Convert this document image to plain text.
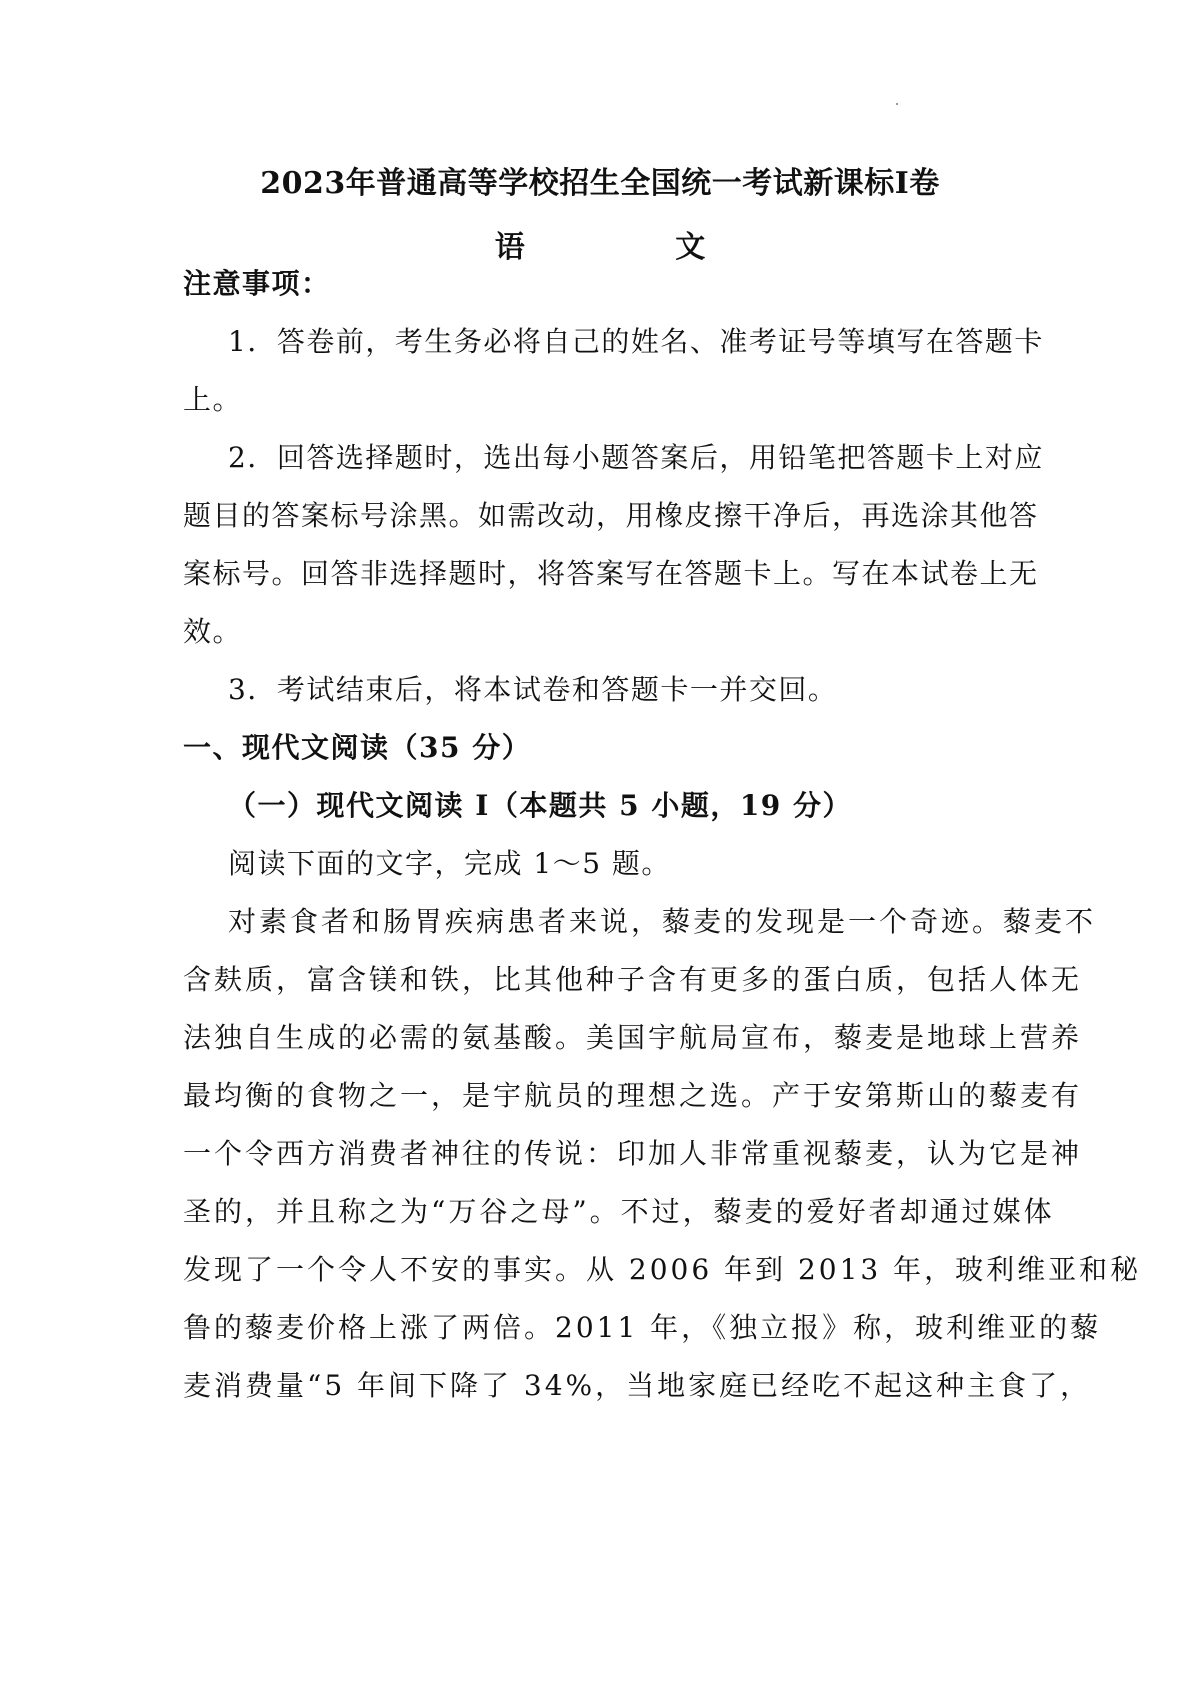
2023年普通高等学校招生全国统一考试新课标I卷
语 文
注意事项：
1．答卷前，考生务必将自己的姓名、准考证号等填写在答题卡
上。
2．回答选择题时，选出每小题答案后，用铅笔把答题卡上对应
题目的答案标号涂黑。如需改动，用橡皮擦干净后，再选涂其他答
案标号。回答非选择题时，将答案写在答题卡上。写在本试卷上无
效。
3．考试结束后，将本试卷和答题卡一并交回。
一、现代文阅读（35 分）
（一）现代文阅读 I（本题共 5 小题，19 分）
阅读下面的文字，完成 1～5 题。
对素食者和肠胃疾病患者来说，藜麦的发现是一个奇迹。藜麦不
含麸质，富含镁和铁，比其他种子含有更多的蛋白质，包括人体无
法独自生成的必需的氨基酸。美国宇航局宣布，藜麦是地球上营养
最均衡的食物之一，是宇航员的理想之选。产于安第斯山的藜麦有
一个令西方消费者神往的传说：印加人非常重视藜麦，认为它是神
圣的，并且称之为“万谷之母”。不过，藜麦的爱好者却通过媒体
发现了一个令人不安的事实。从 2006 年到 2013 年，玻利维亚和秘
鲁的藜麦价格上涨了两倍。2011 年，《独立报》称，玻利维亚的藜
麦消费量“5 年间下降了 34%，当地家庭已经吃不起这种主食了，
